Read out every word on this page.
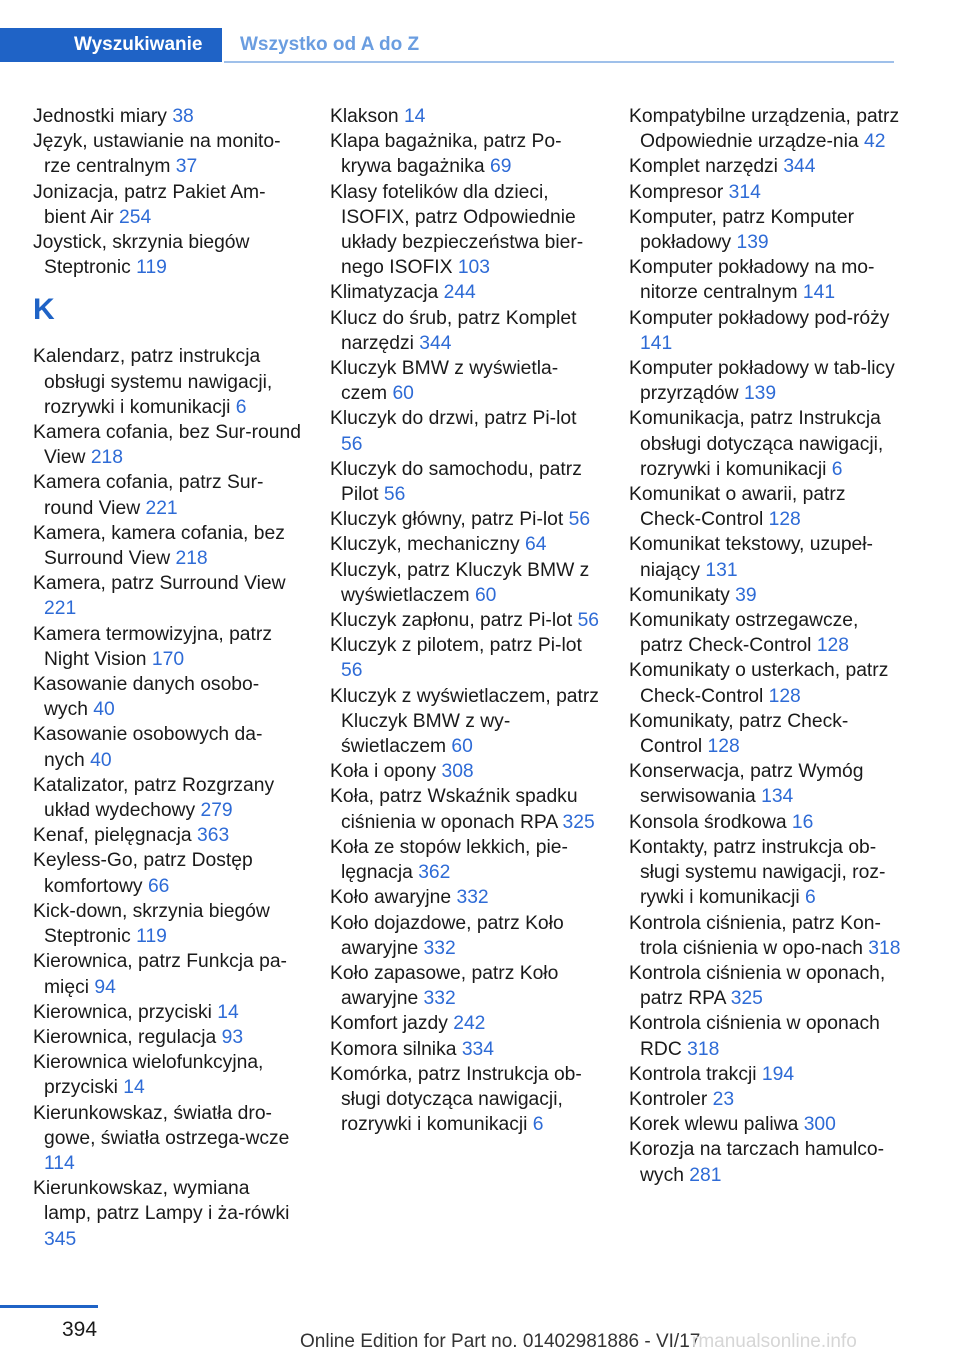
Wyszukiwanie	Wszystko od A do Z
Jednostki miary 38
Język, ustawianie na monito‐rze centralnym 37
Jonizacja, patrz Pakiet Am‐bient Air 254
Joystick, skrzynia biegów Steptronic 119
K
Kalendarz, patrz instrukcja obsługi systemu nawigacji, rozrywki i komunikacji 6
Kamera cofania, bez Sur‐round View 218
Kamera cofania, patrz Sur‐round View 221
Kamera, kamera cofania, bez Surround View 218
Kamera, patrz Surround View 221
Kamera termowizyjna, patrz Night Vision 170
Kasowanie danych osobo‐wych 40
Kasowanie osobowych da‐nych 40
Katalizator, patrz Rozgrzany układ wydechowy 279
Kenaf, pielęgnacja 363
Keyless-Go, patrz Dostęp komfortowy 66
Kick-down, skrzynia biegów Steptronic 119
Kierownica, patrz Funkcja pa‐mięci 94
Kierownica, przyciski 14
Kierownica, regulacja 93
Kierownica wielofunkcyjna, przyciski 14
Kierunkowskaz, światła dro‐gowe, światła ostrzega‐wcze 114
Kierunkowskaz, wymiana lamp, patrz Lampy i ża‐rówki 345
Klakson 14
Klapa bagażnika, patrz Po‐krywa bagażnika 69
Klasy fotelików dla dzieci, ISOFIX, patrz Odpowiednie układy bezpieczeństwa bier‐nego ISOFIX 103
Klimatyzacja 244
Klucz do śrub, patrz Komplet narzędzi 344
Kluczyk BMW z wyświetla‐czem 60
Kluczyk do drzwi, patrz Pi‐lot 56
Kluczyk do samochodu, patrz Pilot 56
Kluczyk główny, patrz Pi‐lot 56
Kluczyk, mechaniczny 64
Kluczyk, patrz Kluczyk BMW z wyświetlaczem 60
Kluczyk zapłonu, patrz Pi‐lot 56
Kluczyk z pilotem, patrz Pi‐lot 56
Kluczyk z wyświetlaczem, patrz Kluczyk BMW z wy‐świetlaczem 60
Koła i opony 308
Koła, patrz Wskaźnik spadku ciśnienia w oponach RPA 325
Koła ze stopów lekkich, pie‐lęgnacja 362
Koło awaryjne 332
Koło dojazdowe, patrz Koło awaryjne 332
Koło zapasowe, patrz Koło awaryjne 332
Komfort jazdy 242
Komora silnika 334
Komórka, patrz Instrukcja ob‐sługi dotycząca nawigacji, rozrywki i komunikacji 6
Kompatybilne urządzenia, patrz Odpowiednie urządze‐nia 42
Komplet narzędzi 344
Kompresor 314
Komputer, patrz Komputer pokładowy 139
Komputer pokładowy na mo‐nitorze centralnym 141
Komputer pokładowy pod‐róży 141
Komputer pokładowy w tab‐licy przyrządów 139
Komunikacja, patrz Instrukcja obsługi dotycząca nawigacji, rozrywki i komunikacji 6
Komunikat o awarii, patrz Check-Control 128
Komunikat tekstowy, uzupeł‐niający 131
Komunikaty 39
Komunikaty ostrzegawcze, patrz Check-Control 128
Komunikaty o usterkach, patrz Check-Control 128
Komunikaty, patrz Check-Control 128
Konserwacja, patrz Wymóg serwisowania 134
Konsola środkowa 16
Kontakty, patrz instrukcja ob‐sługi systemu nawigacji, roz‐rywki i komunikacji 6
Kontrola ciśnienia, patrz Kon‐trola ciśnienia w opo‐nach 318
Kontrola ciśnienia w oponach, patrz RPA 325
Kontrola ciśnienia w oponach RDC 318
Kontrola trakcji 194
Kontroler 23
Korek wlewu paliwa 300
Korozja na tarczach hamulco‐wych 281
394
Online Edition for Part no. 01402981886 - VI/17
rmanualsonline.info
